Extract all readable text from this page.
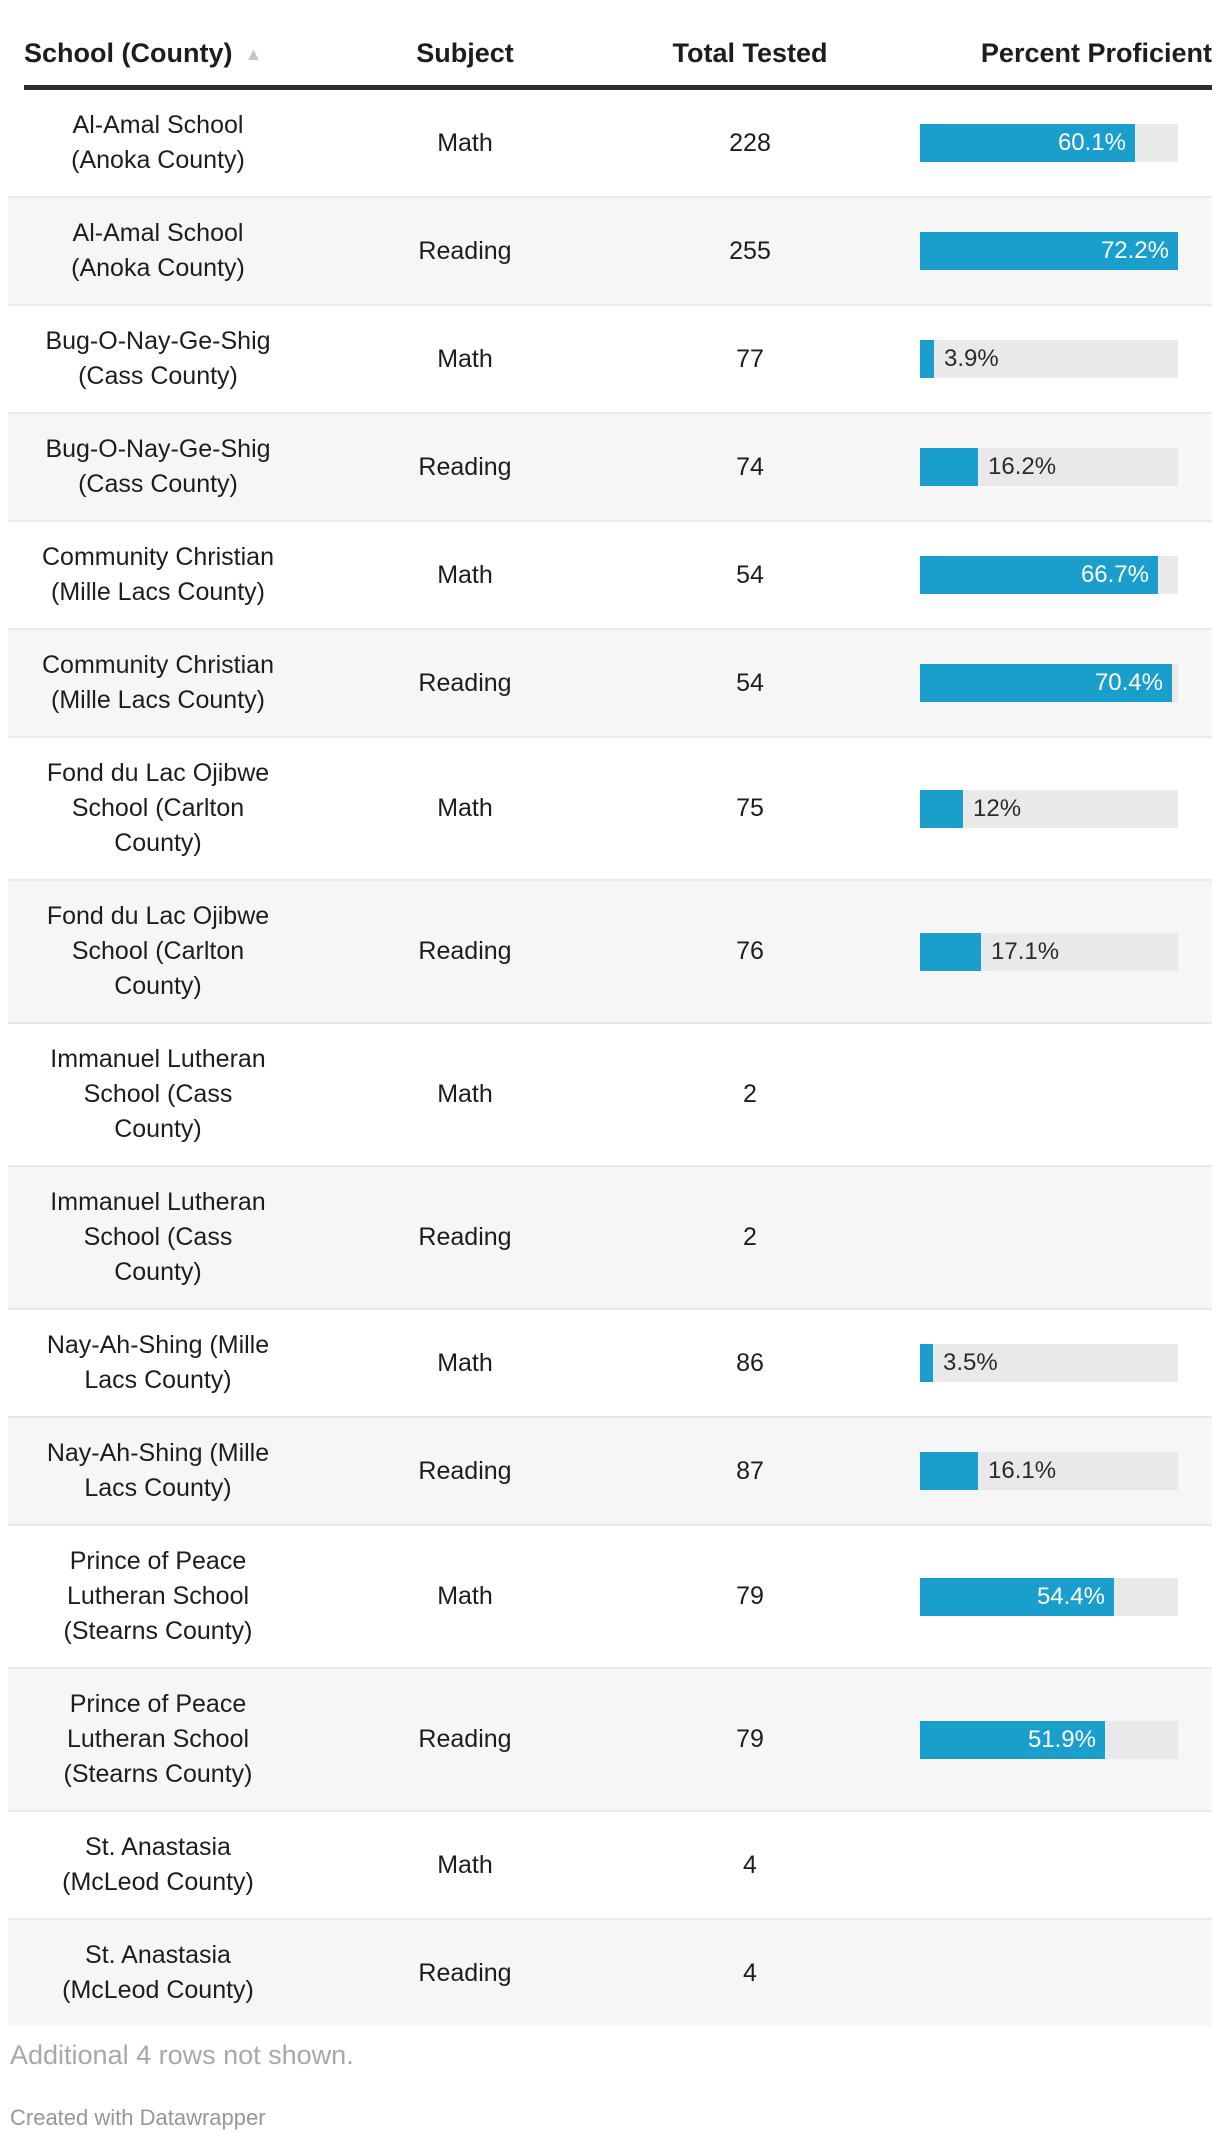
School (County) ▲	Subject	Total Tested	Percent Proficient
Al-Amal School
(Anoka County)
Math	228	60.1%
Al-Amal School
(Anoka County)
Reading	255	72.2%
Bug-O-Nay-Ge-Shig
(Cass County)
Math	77	3.9%
Bug-O-Nay-Ge-Shig
(Cass County)
Reading	74	16.2%
Community Christian
(Mille Lacs County)
Math	54	66.7%
Community Christian
(Mille Lacs County)
Reading	54	70.4%
Fond du Lac Ojibwe
School (Carlton
County)
Math	75	12%
Fond du Lac Ojibwe
School (Carlton
County)
Reading	76	17.1%
Immanuel Lutheran
School (Cass
County)
Math	2
Immanuel Lutheran
School (Cass
County)
Reading	2
Nay-Ah-Shing (Mille
Lacs County)
Math	86	3.5%
Nay-Ah-Shing (Mille
Lacs County)
Reading	87	16.1%
Prince of Peace
Lutheran School
(Stearns County)
Math	79	54.4%
Prince of Peace
Lutheran School
(Stearns County)
Reading	79	51.9%
St. Anastasia
(McLeod County)
Math	4
St. Anastasia
(McLeod County)
Reading	4
Additional 4 rows not shown.
Created with Datawrapper
